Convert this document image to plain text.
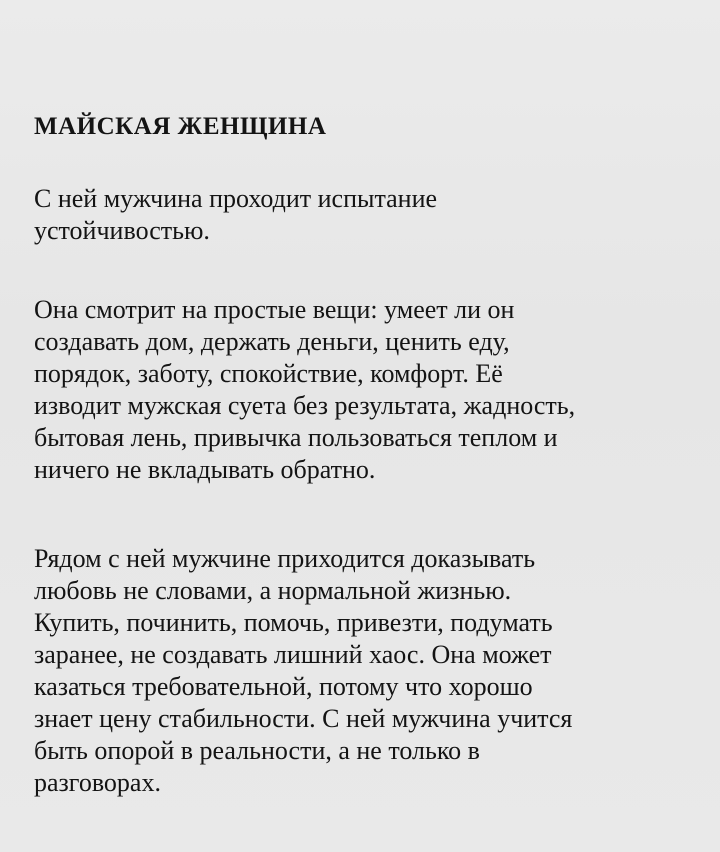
МАЙСКАЯ ЖЕНЩИНА

С ней мужчина проходит испытание
устойчивостью.

Она смотрит на простые вещи: умеет ли он
создавать дом, держать деньги, ценить еду,
порядок, заботу, спокойствие, комфорт. Её
изводит мужская суета без результата, жадность,
бытовая лень, привычка пользоваться теплом и
ничего не вкладывать обратно.

Рядом с ней мужчине приходится доказывать
любовь не словами, а нормальной жизнью.
Купить, починить, помочь, привезти, подумать
заранее, не создавать лишний хаос. Она может
казаться требовательной, потому что хорошо
знает цену стабильности. С ней мужчина учится
быть опорой в реальности, а не только в
разговорах.
